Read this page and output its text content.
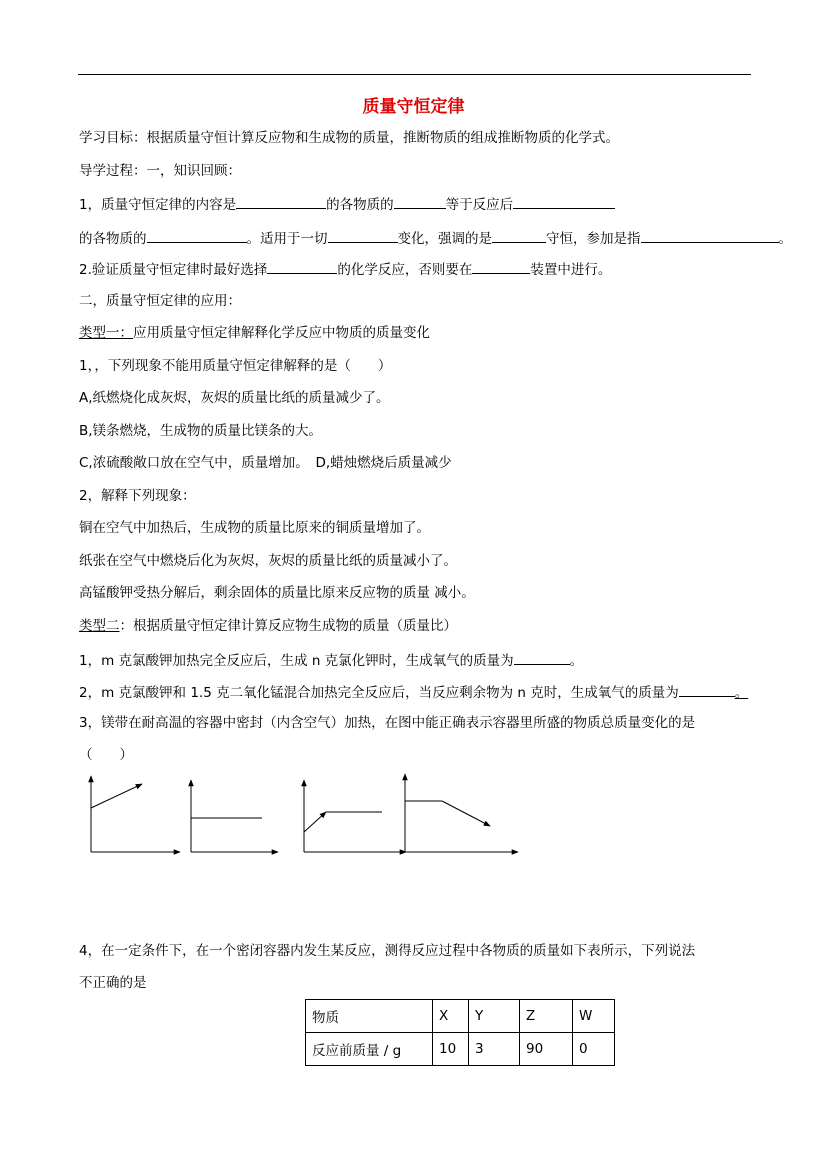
质量守恒定律
学习目标：根据质量守恒计算反应物和生成物的质量，推断物质的组成推断物质的化学式。
导学过程：一，知识回顾：
1，质量守恒定律的内容是	的各物质的	等于反应后
的各物质的	。适用于一切	变化，强调的是	守恒，参加是指	。
2.验证质量守恒定律时最好选择	的化学反应，否则要在	装置中进行。
二，质量守恒定律的应用：
类型一：应用质量守恒定律解释化学反应中物质的质量变化
1，，下列现象不能用质量守恒定律解释的是（　　）
A,纸燃烧化成灰烬，灰烬的质量比纸的质量减少了。
B,镁条燃烧，生成物的质量比镁条的大。
C,浓硫酸敞口放在空气中，质量增加。　D,蜡烛燃烧后质量减少
2，解释下列现象：
铜在空气中加热后，生成物的质量比原来的铜质量增加了。
纸张在空气中燃烧后化为灰烬，灰烬的质量比纸的质量减小了。
高锰酸钾受热分解后，剩余固体的质量比原来反应物的质量 减小。
类型二：根据质量守恒定律计算反应物生成物的质量（质量比）
1，m 克氯酸钾加热完全反应后，生成 n 克氯化钾时，生成氧气的质量为	。
2，m 克氯酸钾和 1.5 克二氧化锰混合加热完全反应后，当反应剩余物为 n 克时，生成氧气的质量为	。
3，镁带在耐高温的容器中密封（内含空气）加热，在图中能正确表示容器里所盛的物质总质量变化的是
（　　）
4，在一定条件下，在一个密闭容器内发生某反应，测得反应过程中各物质的质量如下表所示，下列说法
不正确的是
物质	X	Y	Z	W
反应前质量 / g	10	3	90	0
